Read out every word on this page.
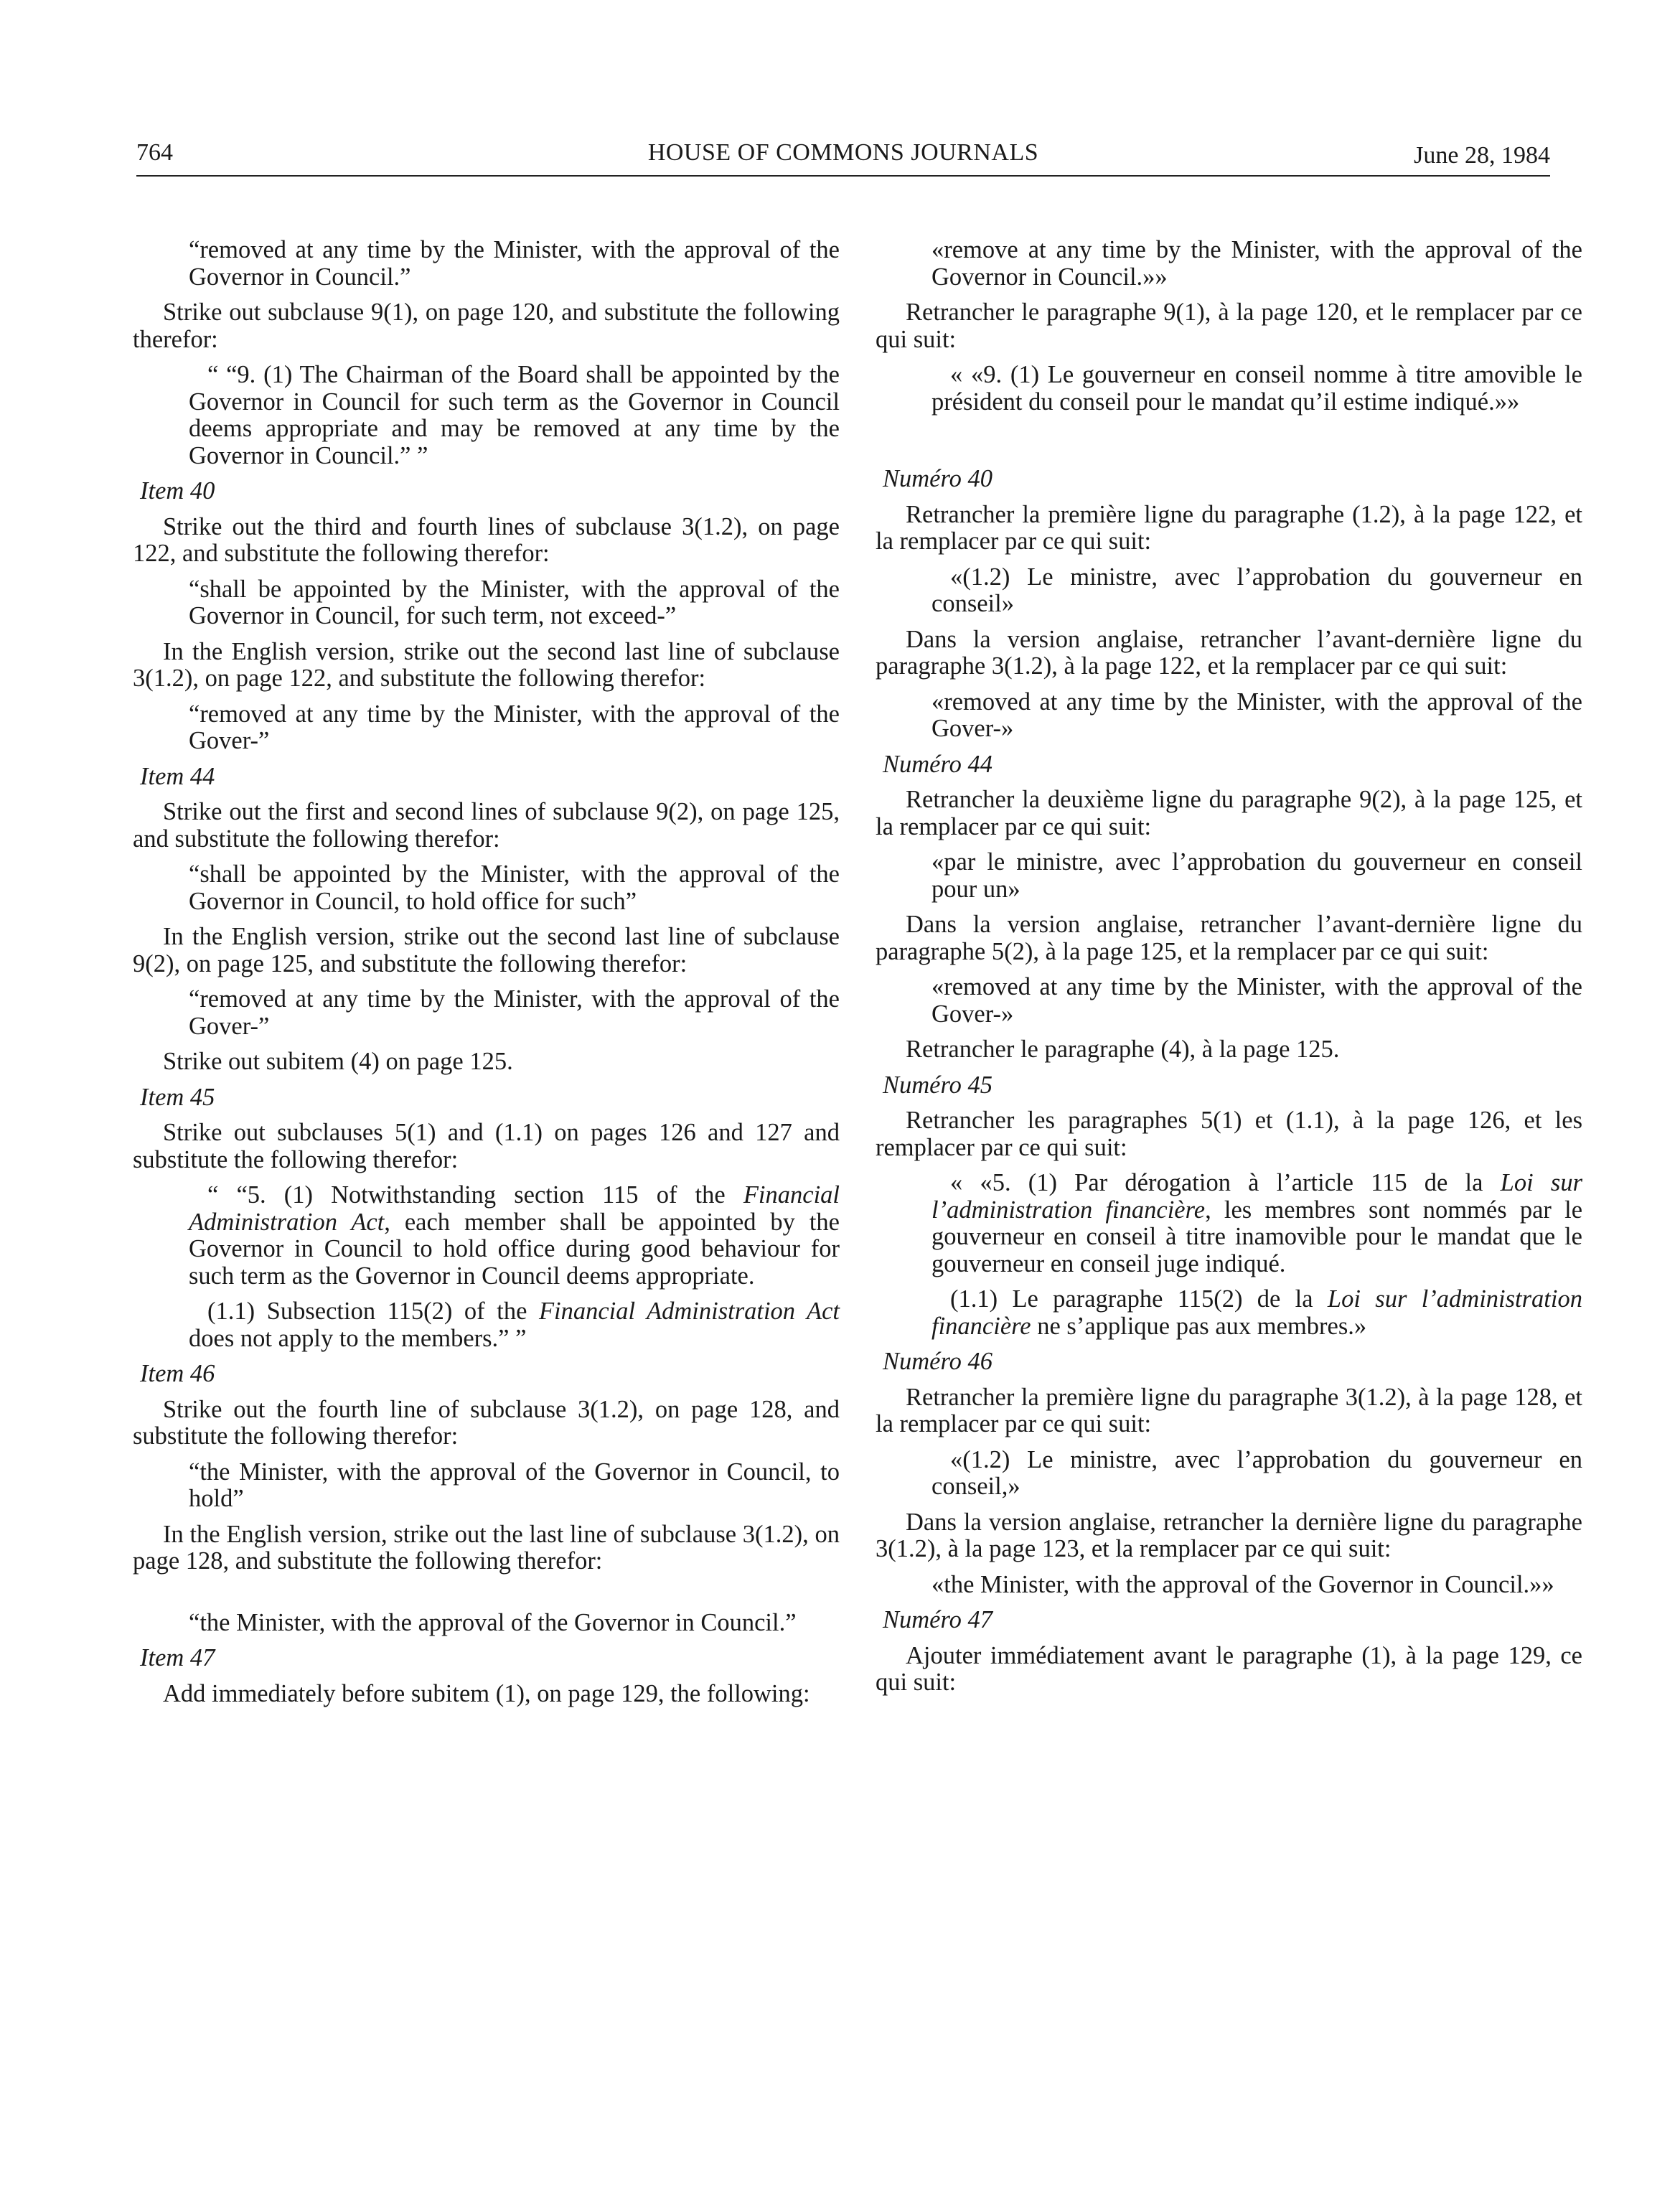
764	HOUSE OF COMMONS JOURNALS	June 28, 1984

“removed at any time by the Minister, with the approval of the Governor in Council.”

Strike out subclause 9(1), on page 120, and substitute the following therefor:

“ “9. (1) The Chairman of the Board shall be appointed by the Governor in Council for such term as the Governor in Council deems appropriate and may be removed at any time by the Governor in Council.” ”

Item 40

Strike out the third and fourth lines of subclause 3(1.2), on page 122, and substitute the following therefor:

“shall be appointed by the Minister, with the approval of the Governor in Council, for such term, not exceed-”

In the English version, strike out the second last line of subclause 3(1.2), on page 122, and substitute the following therefor:

“removed at any time by the Minister, with the approval of the Gover-”

Item 44

Strike out the first and second lines of subclause 9(2), on page 125, and substitute the following therefor:

“shall be appointed by the Minister, with the approval of the Governor in Council, to hold office for such”

In the English version, strike out the second last line of subclause 9(2), on page 125, and substitute the following therefor:

“removed at any time by the Minister, with the approval of the Gover-”

Strike out subitem (4) on page 125.

Item 45

Strike out subclauses 5(1) and (1.1) on pages 126 and 127 and substitute the following therefor:

“ “5. (1) Notwithstanding section 115 of the Financial Administration Act, each member shall be appointed by the Governor in Council to hold office during good behaviour for such term as the Governor in Council deems appropriate.

(1.1) Subsection 115(2) of the Financial Administration Act does not apply to the members.” ”

Item 46

Strike out the fourth line of subclause 3(1.2), on page 128, and substitute the following therefor:

“the Minister, with the approval of the Governor in Council, to hold”

In the English version, strike out the last line of subclause 3(1.2), on page 128, and substitute the following therefor:

“the Minister, with the approval of the Governor in Council.”

Item 47

Add immediately before subitem (1), on page 129, the following:

«remove at any time by the Minister, with the approval of the Governor in Council.»»

Retrancher le paragraphe 9(1), à la page 120, et le remplacer par ce qui suit:

« «9. (1) Le gouverneur en conseil nomme à titre amovible le président du conseil pour le mandat qu’il estime indiqué.»»

Numéro 40

Retrancher la première ligne du paragraphe (1.2), à la page 122, et la remplacer par ce qui suit:

«(1.2) Le ministre, avec l’approbation du gouverneur en conseil»

Dans la version anglaise, retrancher l’avant-dernière ligne du paragraphe 3(1.2), à la page 122, et la remplacer par ce qui suit:

«removed at any time by the Minister, with the approval of the Gover-»

Numéro 44

Retrancher la deuxième ligne du paragraphe 9(2), à la page 125, et la remplacer par ce qui suit:

«par le ministre, avec l’approbation du gouverneur en conseil pour un»

Dans la version anglaise, retrancher l’avant-dernière ligne du paragraphe 5(2), à la page 125, et la remplacer par ce qui suit:

«removed at any time by the Minister, with the approval of the Gover-»

Retrancher le paragraphe (4), à la page 125.

Numéro 45

Retrancher les paragraphes 5(1) et (1.1), à la page 126, et les remplacer par ce qui suit:

« «5. (1) Par dérogation à l’article 115 de la Loi sur l’administration financière, les membres sont nommés par le gouverneur en conseil à titre inamovible pour le mandat que le gouverneur en conseil juge indiqué.

(1.1) Le paragraphe 115(2) de la Loi sur l’administration financière ne s’applique pas aux membres.»

Numéro 46

Retrancher la première ligne du paragraphe 3(1.2), à la page 128, et la remplacer par ce qui suit:

«(1.2) Le ministre, avec l’approbation du gouverneur en conseil,»

Dans la version anglaise, retrancher la dernière ligne du paragraphe 3(1.2), à la page 123, et la remplacer par ce qui suit:

«the Minister, with the approval of the Governor in Council.»»

Numéro 47

Ajouter immédiatement avant le paragraphe (1), à la page 129, ce qui suit:
